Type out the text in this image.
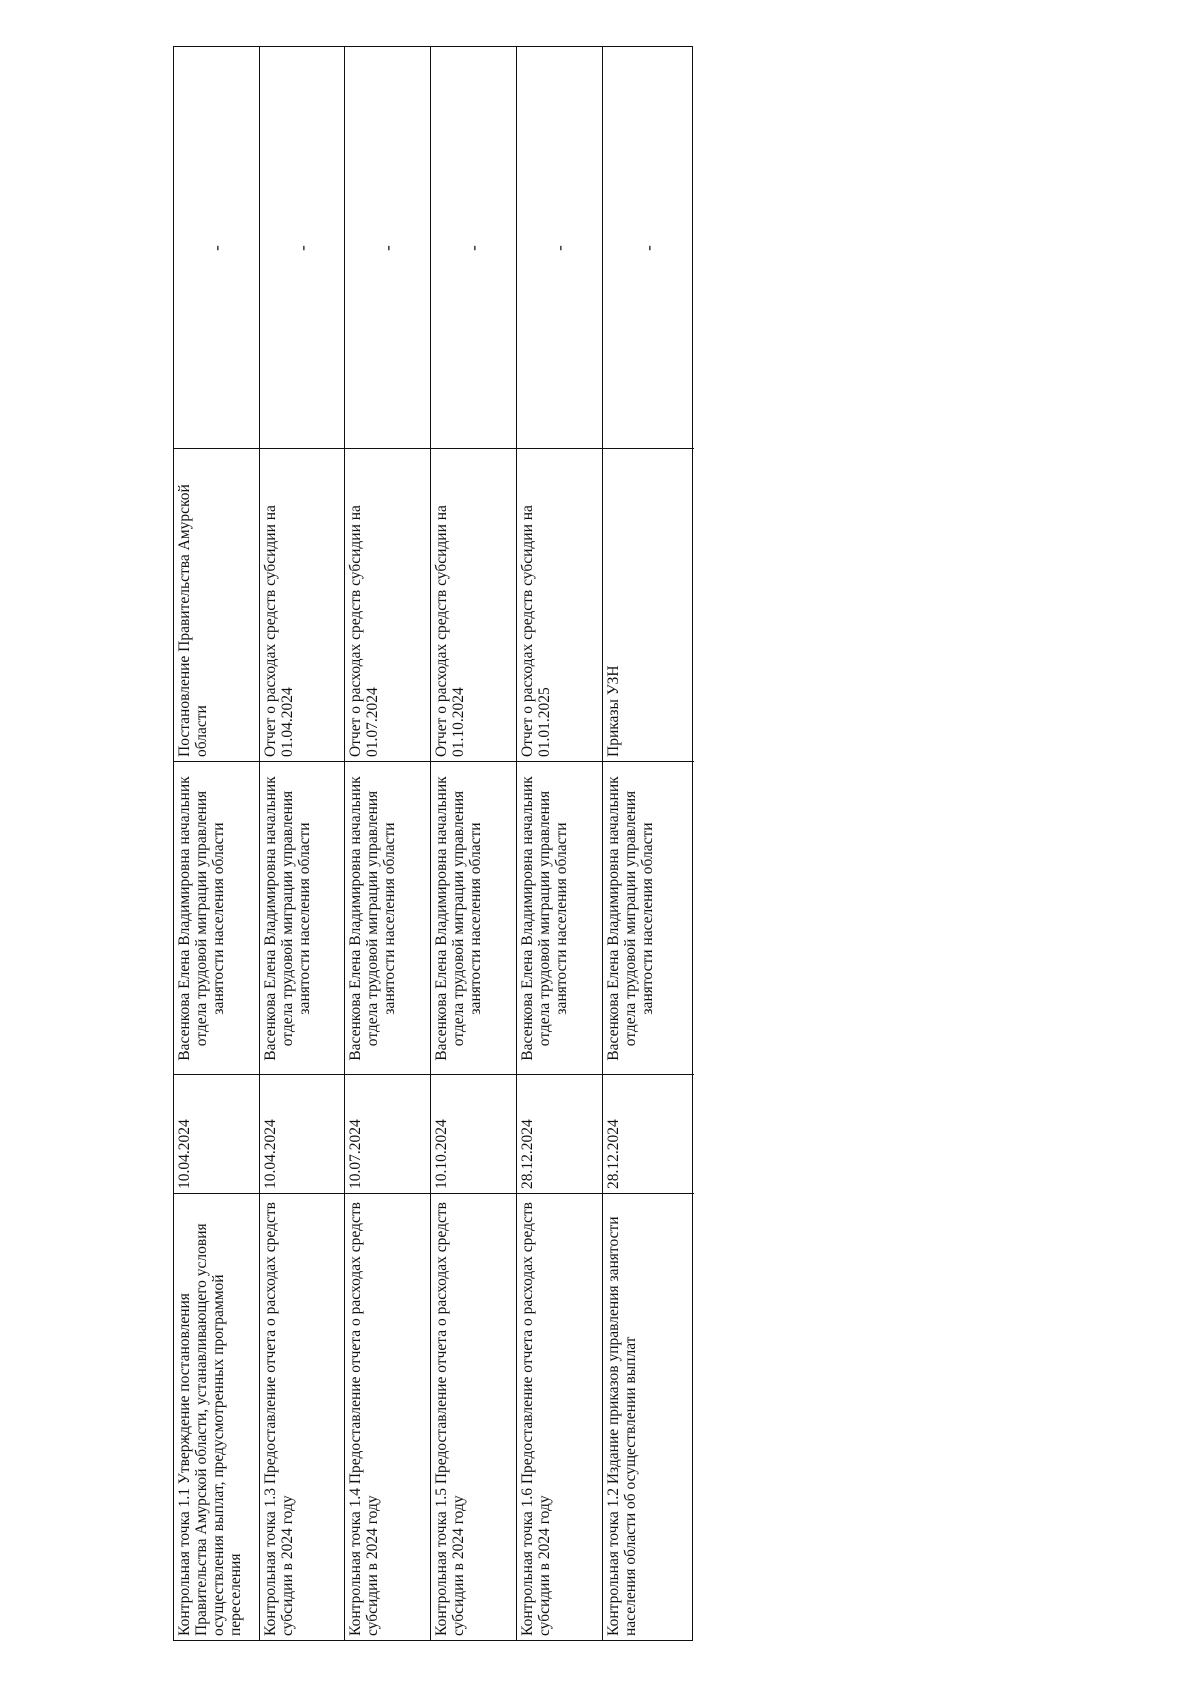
Контрольная точка 1.1 Утверждение постановления Правительства Амурской области, устанавливающего условия осуществления выплат, предусмотренных программой переселения
10.04.2024
Васенкова Елена Владимировна начальник отдела трудовой миграции управления занятости населения области
Постановление Правительства Амурской области
-
Контрольная точка 1.3 Предоставление отчета о расходах средств субсидии в 2024 году
10.04.2024
Васенкова Елена Владимировна начальник отдела трудовой миграции управления занятости населения области
Отчет о расходах средств субсидии на 01.04.2024
-
Контрольная точка 1.4 Предоставление отчета о расходах средств субсидии в 2024 году
10.07.2024
Васенкова Елена Владимировна начальник отдела трудовой миграции управления занятости населения области
Отчет о расходах средств субсидии на 01.07.2024
-
Контрольная точка 1.5 Предоставление отчета о расходах средств субсидии в 2024 году
10.10.2024
Васенкова Елена Владимировна начальник отдела трудовой миграции управления занятости населения области
Отчет о расходах средств субсидии на 01.10.2024
-
Контрольная точка 1.6 Предоставление отчета о расходах средств субсидии в 2024 году
28.12.2024
Васенкова Елена Владимировна начальник отдела трудовой миграции управления занятости населения области
Отчет о расходах средств субсидии на 01.01.2025
-
Контрольная точка 1.2 Издание приказов управления занятости населения области об осуществлении выплат
28.12.2024
Васенкова Елена Владимировна начальник отдела трудовой миграции управления занятости населения области
Приказы УЗН
-
